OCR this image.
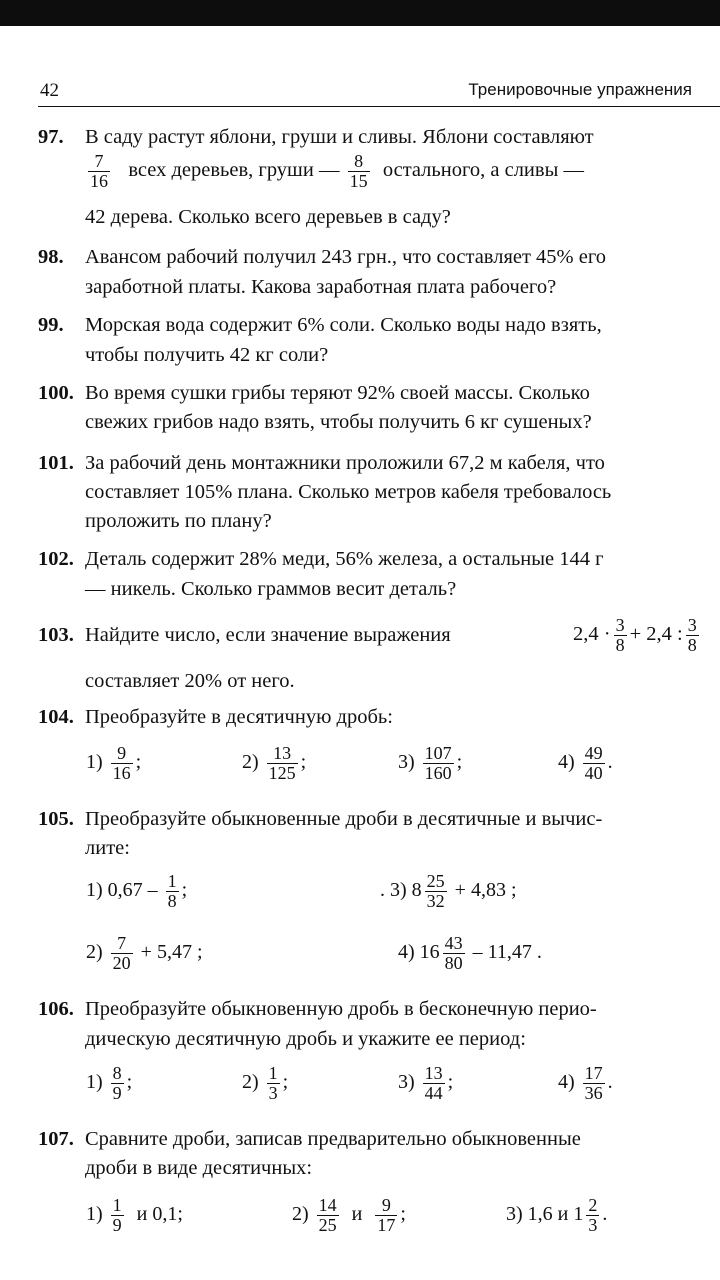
42	Тренировочные упражнения
97. В саду растут яблони, груши и сливы. Яблони составляют
$\frac{7}{16}$ всех деревьев, груши — $\frac{8}{15}$ остального, а сливы —
42 дерева. Сколько всего деревьев в саду?
98. Авансом рабочий получил 243 грн., что составляет 45% его
заработной платы. Какова заработная плата рабочего?
99. Морская вода содержит 6% соли. Сколько воды надо взять,
чтобы получить 42 кг соли?
100. Во время сушки грибы теряют 92% своей массы. Сколько
свежих грибов надо взять, чтобы получить 6 кг сушеных?
101. За рабочий день монтажники проложили 67,2 м кабеля, что
составляет 105% плана. Сколько метров кабеля требовалось
проложить по плану?
102. Деталь содержит 28% меди, 56% железа, а остальные 144 г
— никель. Сколько граммов весит деталь?
103. Найдите число, если значение выражения	$2,4 \cdot \frac{3}{8} + 2,4$ : $\frac{3}{8}$
составляет 20% от него.
104. Преобразуйте в десятичную дробь:
$1) \frac{9}{16}$ ;	$2) \frac{13}{125}$ ;	$3) \frac{107}{160}$ ;	$4) \frac{49}{40}$ .
105. Преобразуйте обыкновенные дроби в десятичные и вычис-
лите:
1) $0,67 - \frac{1}{8}$ ;	. 3) $8 \frac{25}{32} + 4,83$ ;
$2) \frac{7}{20} + 5,47$ ;	4) $16 \frac{43}{80} - 11,47$ .
106. Преобразуйте обыкновенную дробь в бесконечную перио-
дическую десятичную дробь и укажите ее период:
$1) \frac{8}{9}$ ;	$2) \frac{1}{3}$ ;	$3) \frac{13}{44}$ ;	$4) \frac{17}{36}$ .
107. Сравните дроби, записав предварительно обыкновенные
дроби в виде десятичных:
$1) \frac{1}{9}$ и 0,1;	$2) \frac{14}{25}$ и $\frac{9}{17}$ ;	3) 1,6 и $1 \frac{2}{3}$ .
